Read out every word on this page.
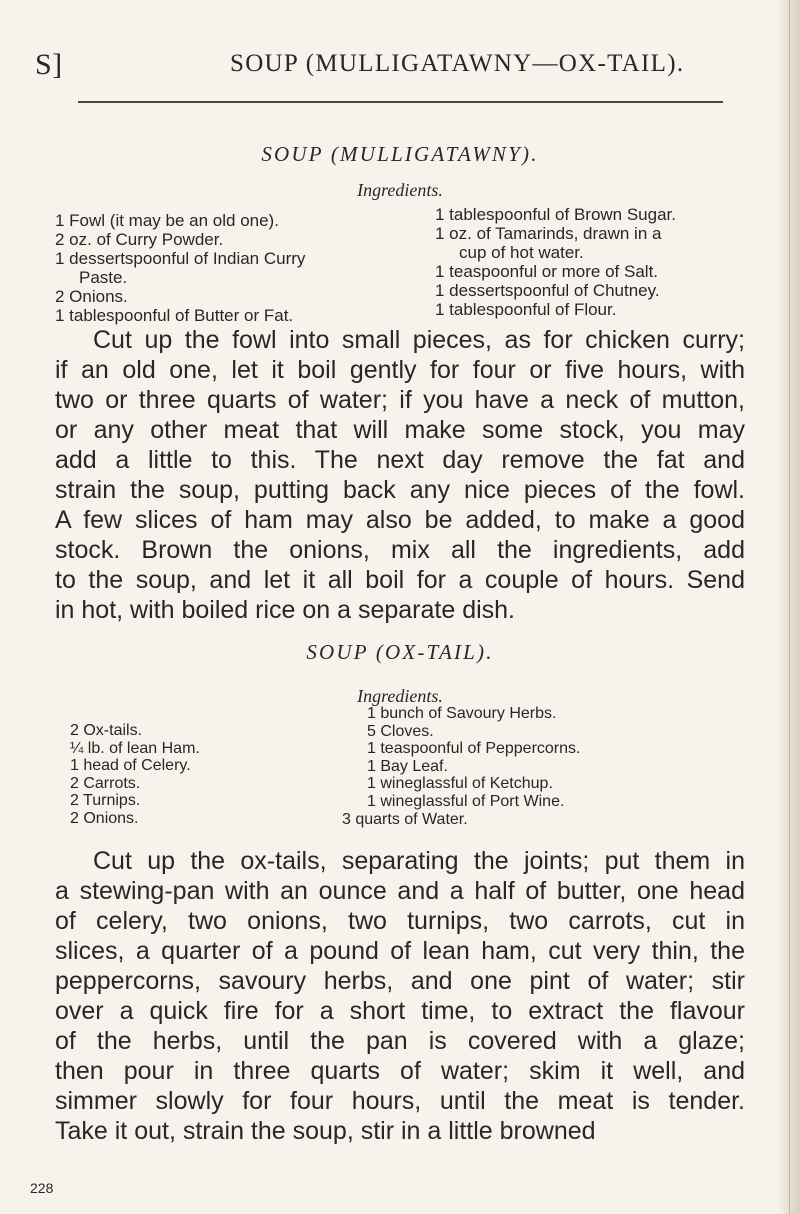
S]	SOUP (MULLIGATAWNY—OX-TAIL).
SOUP (MULLIGATAWNY).
Ingredients.
1 Fowl (it may be an old one).
2 oz. of Curry Powder.
1 dessertspoonful of Indian Curry
Paste.
2 Onions.
1 tablespoonful of Butter or Fat.
1 tablespoonful of Brown Sugar.
1 oz. of Tamarinds, drawn in a
cup of hot water.
1 teaspoonful or more of Salt.
1 dessertspoonful of Chutney.
1 tablespoonful of Flour.
Cut up the fowl into small pieces, as for chicken curry;
if an old one, let it boil gently for four or five hours, with
two or three quarts of water; if you have a neck of mutton,
or any other meat that will make some stock, you may
add a little to this. The next day remove the fat and
strain the soup, putting back any nice pieces of the fowl.
A few slices of ham may also be added, to make a good
stock. Brown the onions, mix all the ingredients, add
to the soup, and let it all boil for a couple of hours. Send
in hot, with boiled rice on a separate dish.
SOUP (OX-TAIL).
Ingredients.
2 Ox-tails.
¼ lb. of lean Ham.
1 head of Celery.
2 Carrots.
2 Turnips.
2 Onions.
1 bunch of Savoury Herbs.
5 Cloves.
1 teaspoonful of Peppercorns.
1 Bay Leaf.
1 wineglassful of Ketchup.
1 wineglassful of Port Wine.
3 quarts of Water.
Cut up the ox-tails, separating the joints; put them in
a stewing-pan with an ounce and a half of butter, one head
of celery, two onions, two turnips, two carrots, cut in
slices, a quarter of a pound of lean ham, cut very thin, the
peppercorns, savoury herbs, and one pint of water; stir
over a quick fire for a short time, to extract the flavour
of the herbs, until the pan is covered with a glaze;
then pour in three quarts of water; skim it well, and
simmer slowly for four hours, until the meat is tender.
Take it out, strain the soup, stir in a little browned
228
